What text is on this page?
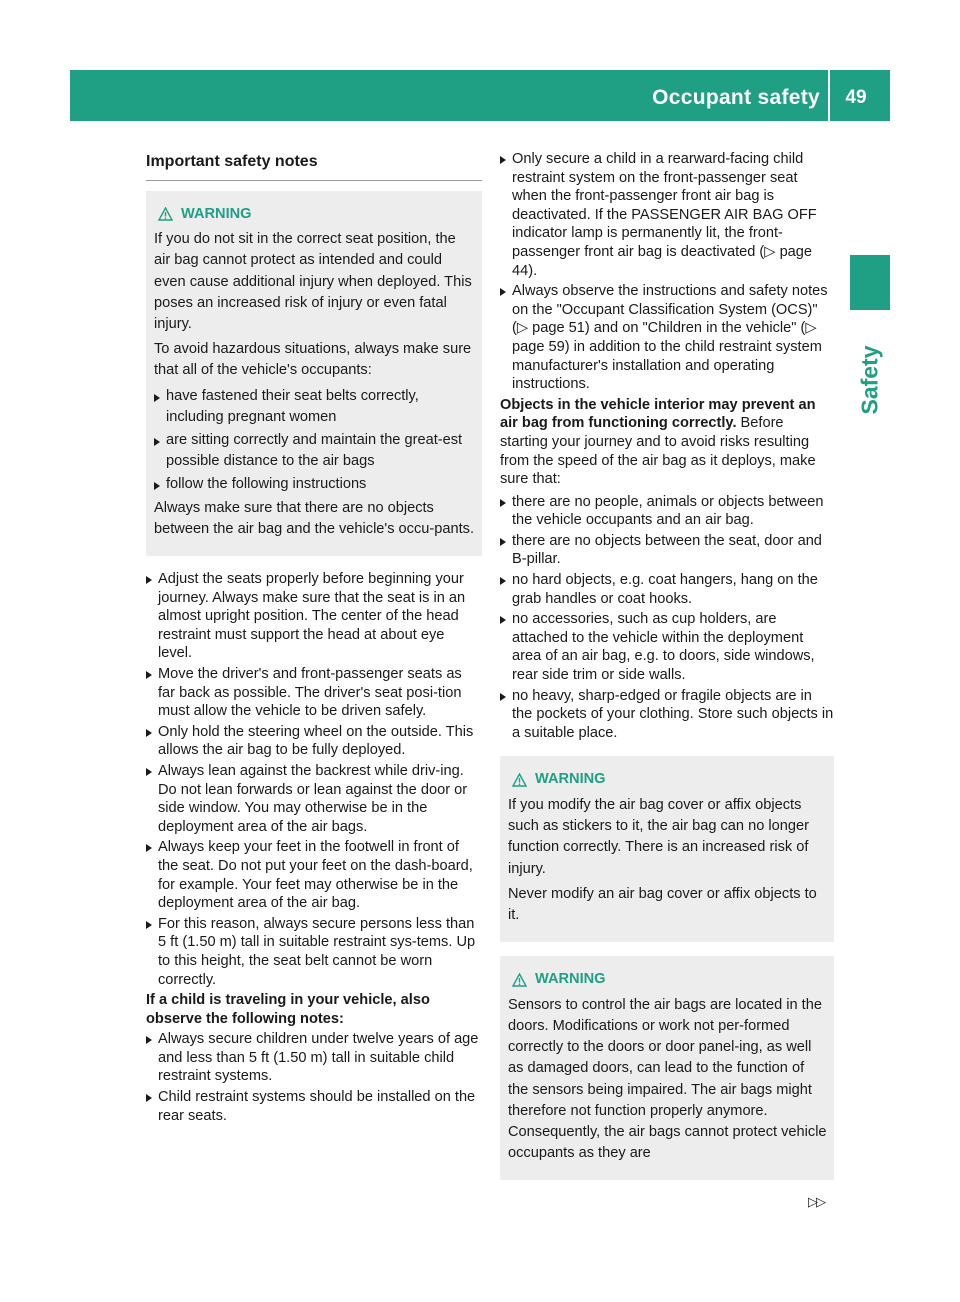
Occupant safety	49
Safety
Important safety notes
WARNING

If you do not sit in the correct seat position, the air bag cannot protect as intended and could even cause additional injury when deployed. This poses an increased risk of injury or even fatal injury.

To avoid hazardous situations, always make sure that all of the vehicle's occupants:

have fastened their seat belts correctly, including pregnant women
are sitting correctly and maintain the great-est possible distance to the air bags
follow the following instructions

Always make sure that there are no objects between the air bag and the vehicle's occu-pants.

Adjust the seats properly before beginning your journey. Always make sure that the seat is in an almost upright position. The center of the head restraint must support the head at about eye level.
Move the driver's and front-passenger seats as far back as possible. The driver's seat posi-tion must allow the vehicle to be driven safely.
Only hold the steering wheel on the outside. This allows the air bag to be fully deployed.
Always lean against the backrest while driv-ing. Do not lean forwards or lean against the door or side window. You may otherwise be in the deployment area of the air bags.
Always keep your feet in the footwell in front of the seat. Do not put your feet on the dash-board, for example. Your feet may otherwise be in the deployment area of the air bag.
For this reason, always secure persons less than 5 ft (1.50 m) tall in suitable restraint sys-tems. Up to this height, the seat belt cannot be worn correctly.

If a child is traveling in your vehicle, also observe the following notes:

Always secure children under twelve years of age and less than 5 ft (1.50 m) tall in suitable child restraint systems.
Child restraint systems should be installed on the rear seats.
Only secure a child in a rearward-facing child restraint system on the front-passenger seat when the front-passenger front air bag is deactivated. If the PASSENGER AIR BAG OFF indicator lamp is permanently lit, the front-passenger front air bag is deactivated (▷ page 44).
Always observe the instructions and safety notes on the "Occupant Classification System (OCS)" (▷ page 51) and on "Children in the vehicle" (▷ page 59) in addition to the child restraint system manufacturer's installation and operating instructions.

Objects in the vehicle interior may prevent an air bag from functioning correctly. Before starting your journey and to avoid risks resulting from the speed of the air bag as it deploys, make sure that:

there are no people, animals or objects between the vehicle occupants and an air bag.
there are no objects between the seat, door and B-pillar.
no hard objects, e.g. coat hangers, hang on the grab handles or coat hooks.
no accessories, such as cup holders, are attached to the vehicle within the deployment area of an air bag, e.g. to doors, side windows, rear side trim or side walls.
no heavy, sharp-edged or fragile objects are in the pockets of your clothing. Store such objects in a suitable place.
WARNING

If you modify the air bag cover or affix objects such as stickers to it, the air bag can no longer function correctly. There is an increased risk of injury.

Never modify an air bag cover or affix objects to it.

WARNING

Sensors to control the air bags are located in the doors. Modifications or work not per-formed correctly to the doors or door panel-ing, as well as damaged doors, can lead to the function of the sensors being impaired. The air bags might therefore not function properly anymore. Consequently, the air bags cannot protect vehicle occupants as they are

▷▷
